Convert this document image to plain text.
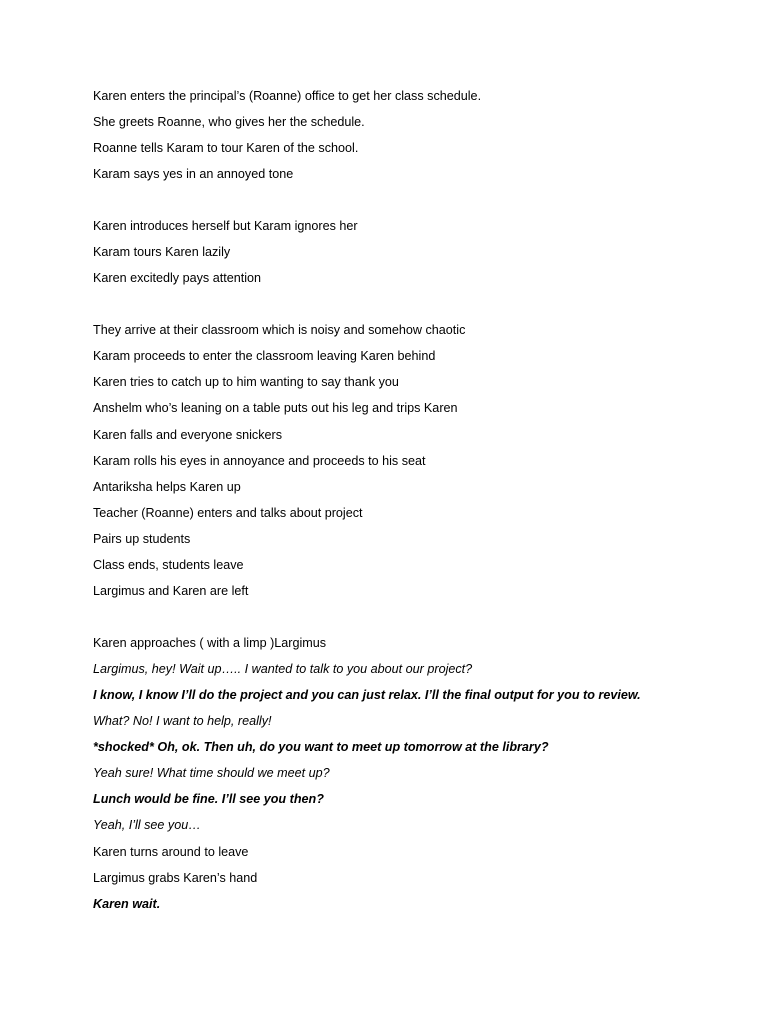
Karen enters the principal’s (Roanne) office to get her class schedule.

She greets Roanne, who gives her the schedule.

Roanne tells Karam to tour Karen of the school.

Karam says yes in an annoyed tone

Karen introduces herself but Karam ignores her

Karam tours Karen lazily

Karen excitedly pays attention

They arrive at their classroom which is noisy and somehow chaotic

Karam proceeds to enter the classroom leaving Karen behind

Karen tries to catch up to him wanting to say thank you

Anshelm who’s leaning on a table puts out his leg and trips Karen

Karen falls and everyone snickers

Karam rolls his eyes in annoyance and proceeds to his seat

Antariksha helps Karen up

Teacher (Roanne) enters and talks about project

Pairs up students

Class ends, students leave

Largimus and Karen are left

Karen approaches ( with a limp )Largimus

Largimus, hey! Wait up….. I wanted to talk to you about our project?

I know, I know I’ll do the project and you can just relax. I’ll the final output for you to review.

What? No! I want to help, really!

*shocked* Oh, ok. Then uh, do you want to meet up tomorrow at the library?

Yeah sure! What time should we meet up?

Lunch would be fine. I’ll see you then?

Yeah, I’ll see you…

Karen turns around to leave

Largimus grabs Karen’s hand

Karen wait.
